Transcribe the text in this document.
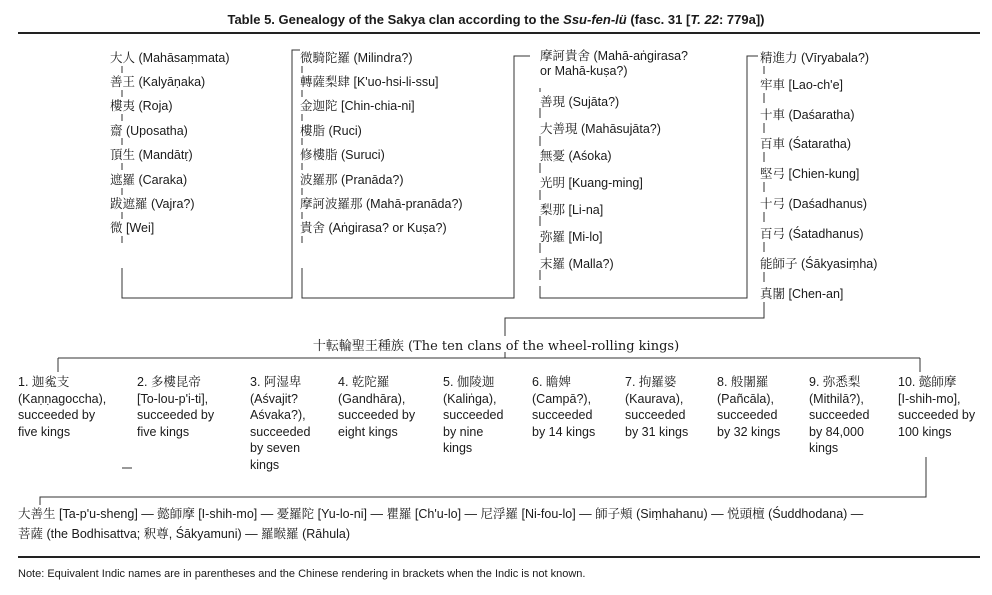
Table 5. Genealogy of the Sakya clan according to the Ssu-fen-lü (fasc. 31 [T. 22: 779a])
大人 (Mahāsaṃmata)
善王 (Kalyāṇaka)
樓夷 (Roja)
齋 (Uposatha)
頂生 (Mandātṛ)
遮羅 (Caraka)
跋遮羅 (Vajra?)
微 [Wei]
微騎陀羅 (Milindra?)
轉薩梨肆 [K'uo-hsi-li-ssu]
金迦陀 [Chin-chia-ni]
樓脂 (Ruci)
修樓脂 (Suruci)
波羅那 (Pranāda?)
摩訶波羅那 (Mahā-pranāda?)
貴舍 (Aṅgirasa? or Kuṣa?)
摩訶貴舍 (Mahā-aṅgirasa?
or Mahā-kuṣa?)
善現 (Sujāta?)
大善現 (Mahāsujāta?)
無憂 (Aśoka)
光明 [Kuang-ming]
梨那 [Li-na]
弥羅 [Mi-lo]
末羅 (Malla?)
精進力 (Vīryabala?)
牢車 [Lao-ch'e]
十車 (Daśaratha)
百車 (Śataratha)
堅弓 [Chien-kung]
十弓 (Daśadhanus)
百弓 (Śatadhanus)
能師子 (Śākyasiṃha)
真闍 [Chen-an]
十転輪聖王種族 (The ten clans of the wheel-rolling kings)
1. 迦㝹支
(Kaṇṇagoccha),
succeeded by
five kings
2. 多樓昆帝
[To-lou-p'i-ti],
succeeded by
five kings
3. 阿湿卑
(Aśvajit?
Aśvaka?),
succeeded
by seven
kings
4. 乾陀羅
(Gandhāra),
succeeded by
eight kings
5. 伽陵迦
(Kaliṅga),
succeeded
by nine
kings
6. 瞻婢
(Campā?),
succeeded
by 14 kings
7. 拘羅婆
(Kaurava),
succeeded
by 31 kings
8. 般闍羅
(Pañcāla),
succeeded
by 32 kings
9. 弥悉梨
(Mithilā?),
succeeded
by 84,000
kings
10. 懿師摩
[I-shih-mo],
succeeded by
100 kings
大善生 [Ta-p'u-sheng] — 懿師摩 [I-shih-mo] — 憂羅陀 [Yu-lo-ni] — 瞿羅 [Ch'u-lo] — 尼浮羅 [Ni-fou-lo] — 師子頰 (Siṃhahanu) — 悦頭檀 (Śuddhodana) —
菩薩 (the Bodhisattva; 釈尊, Śākyamuni) — 羅睺羅 (Rāhula)
Note: Equivalent Indic names are in parentheses and the Chinese rendering in brackets when the Indic is not known.
